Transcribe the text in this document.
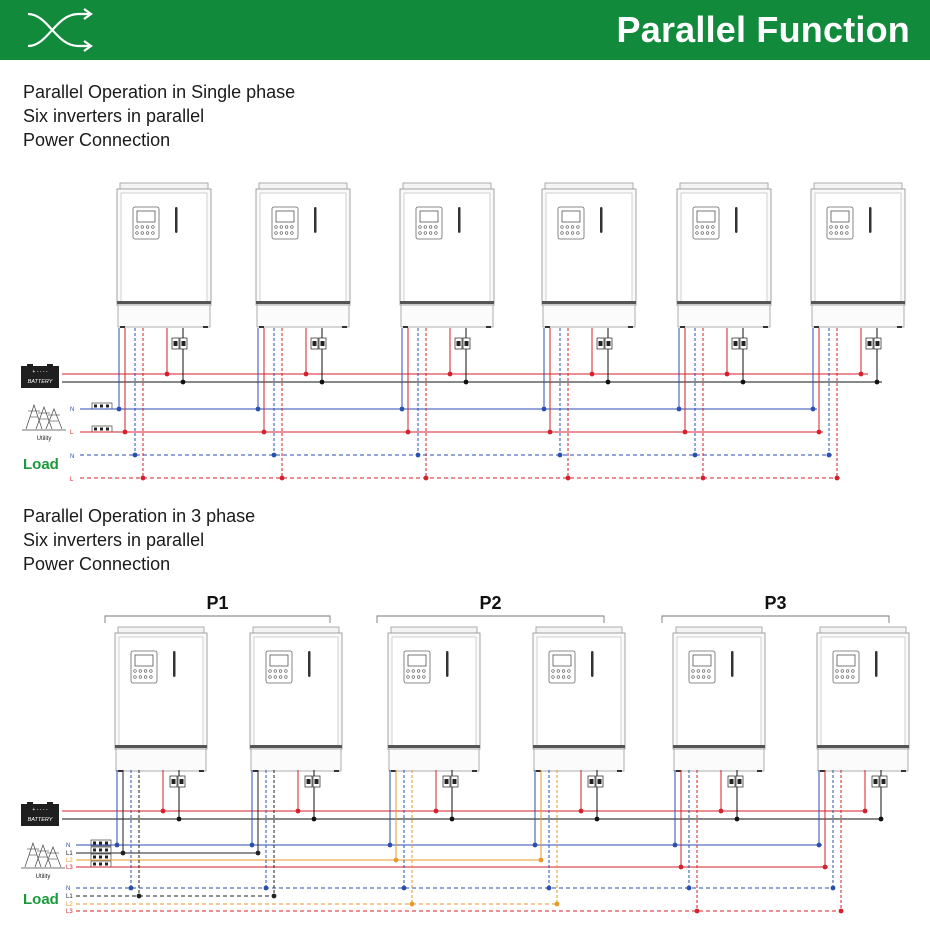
Parallel Function
Parallel Operation in Single phase
Six inverters in parallel
Power Connection
Parallel Operation in 3 phase
Six inverters in parallel
Power Connection
+ - - - -
BATTERY
Utility
N
L
Load N
L
P1	P2	P3
+ - - - -
BATTERY
Utility
N
L1
L2
L3
Load
N
L1
L2
L3
